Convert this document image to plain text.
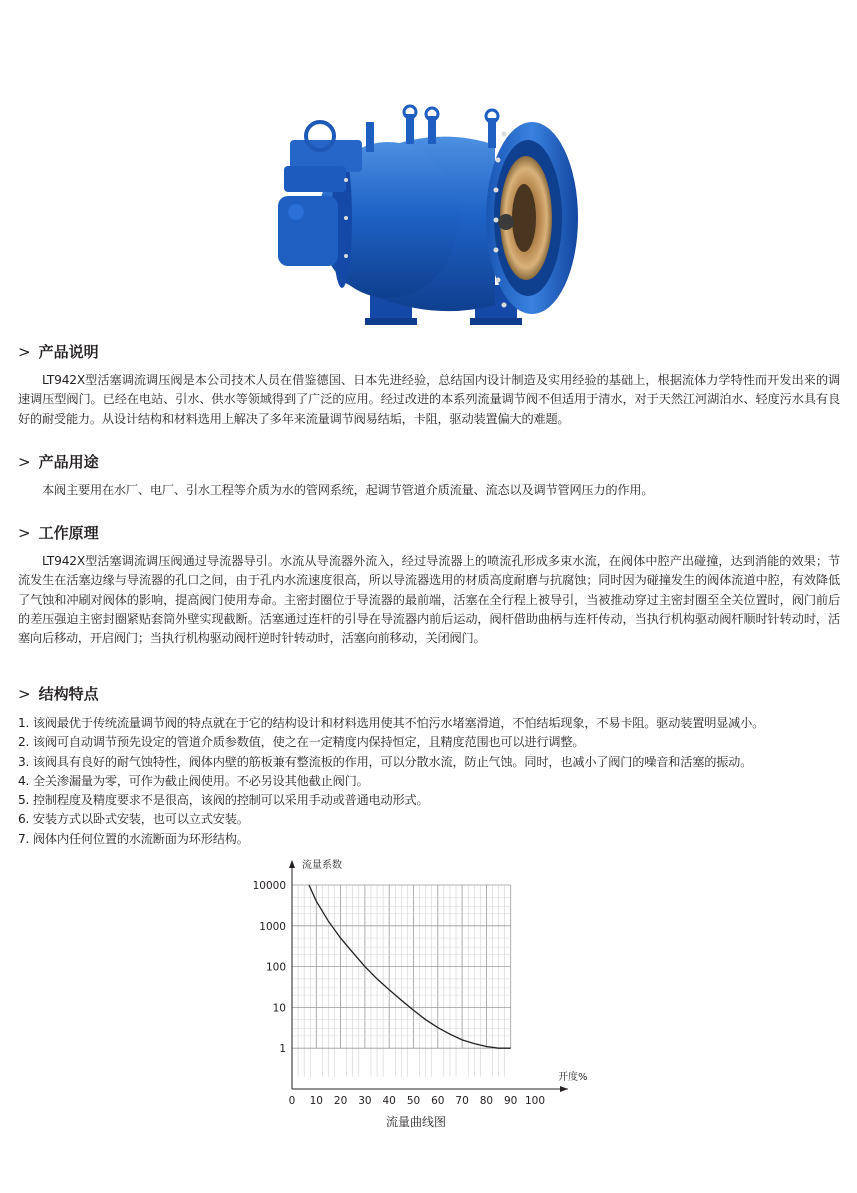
> 产品说明

LT942X型活塞调流调压阀是本公司技术人员在借鉴德国、日本先进经验，总结国内设计制造及实用经验的基础上，根据流体力学特性而开发出来的调速调压型阀门。已经在电站、引水、供水等领域得到了广泛的应用。经过改进的本系列流量调节阀不但适用于清水，对于天然江河湖泊水、轻度污水具有良好的耐受能力。从设计结构和材料选用上解决了多年来流量调节阀易结垢，卡阻，驱动装置偏大的难题。

> 产品用途

本阀主要用在水厂、电厂、引水工程等介质为水的管网系统，起调节管道介质流量、流态以及调节管网压力的作用。

> 工作原理

LT942X型活塞调流调压阀通过导流器导引。水流从导流器外流入，经过导流器上的喷流孔形成多束水流，在阀体中腔产出碰撞，达到消能的效果；节流发生在活塞边缘与导流器的孔口之间，由于孔内水流速度很高，所以导流器选用的材质高度耐磨与抗腐蚀；同时因为碰撞发生的阀体流道中腔，有效降低了气蚀和冲刷对阀体的影响，提高阀门使用寿命。主密封圈位于导流器的最前端，活塞在全行程上被导引，当被推动穿过主密封圈至全关位置时，阀门前后的差压强迫主密封圈紧贴套筒外壁实现截断。活塞通过连杆的引导在导流器内前后运动，阀杆借助曲柄与连杆传动，当执行机构驱动阀杆顺时针转动时，活塞向后移动，开启阀门；当执行机构驱动阀杆逆时针转动时，活塞向前移动，关闭阀门。

> 结构特点
1. 该阀最优于传统流量调节阀的特点就在于它的结构设计和材料选用使其不怕污水堵塞滑道，不怕结垢现象，不易卡阻。驱动装置明显减小。
2. 该阀可自动调节预先设定的管道介质参数值，使之在一定精度内保持恒定，且精度范围也可以进行调整。
3. 该阀具有良好的耐气蚀特性，阀体内壁的筋板兼有整流板的作用，可以分散水流，防止气蚀。同时，也减小了阀门的噪音和活塞的振动。
4. 全关渗漏量为零，可作为截止阀使用。不必另设其他截止阀门。
5. 控制程度及精度要求不是很高，该阀的控制可以采用手动或普通电动形式。
6. 安装方式以卧式安装，也可以立式安装。
7. 阀体内任何位置的水流断面为环形结构。
1
10
100
1000
10000
0 10 20 30 40 50 60 70 80 90 100
流量系数
开度%
流量曲线图
